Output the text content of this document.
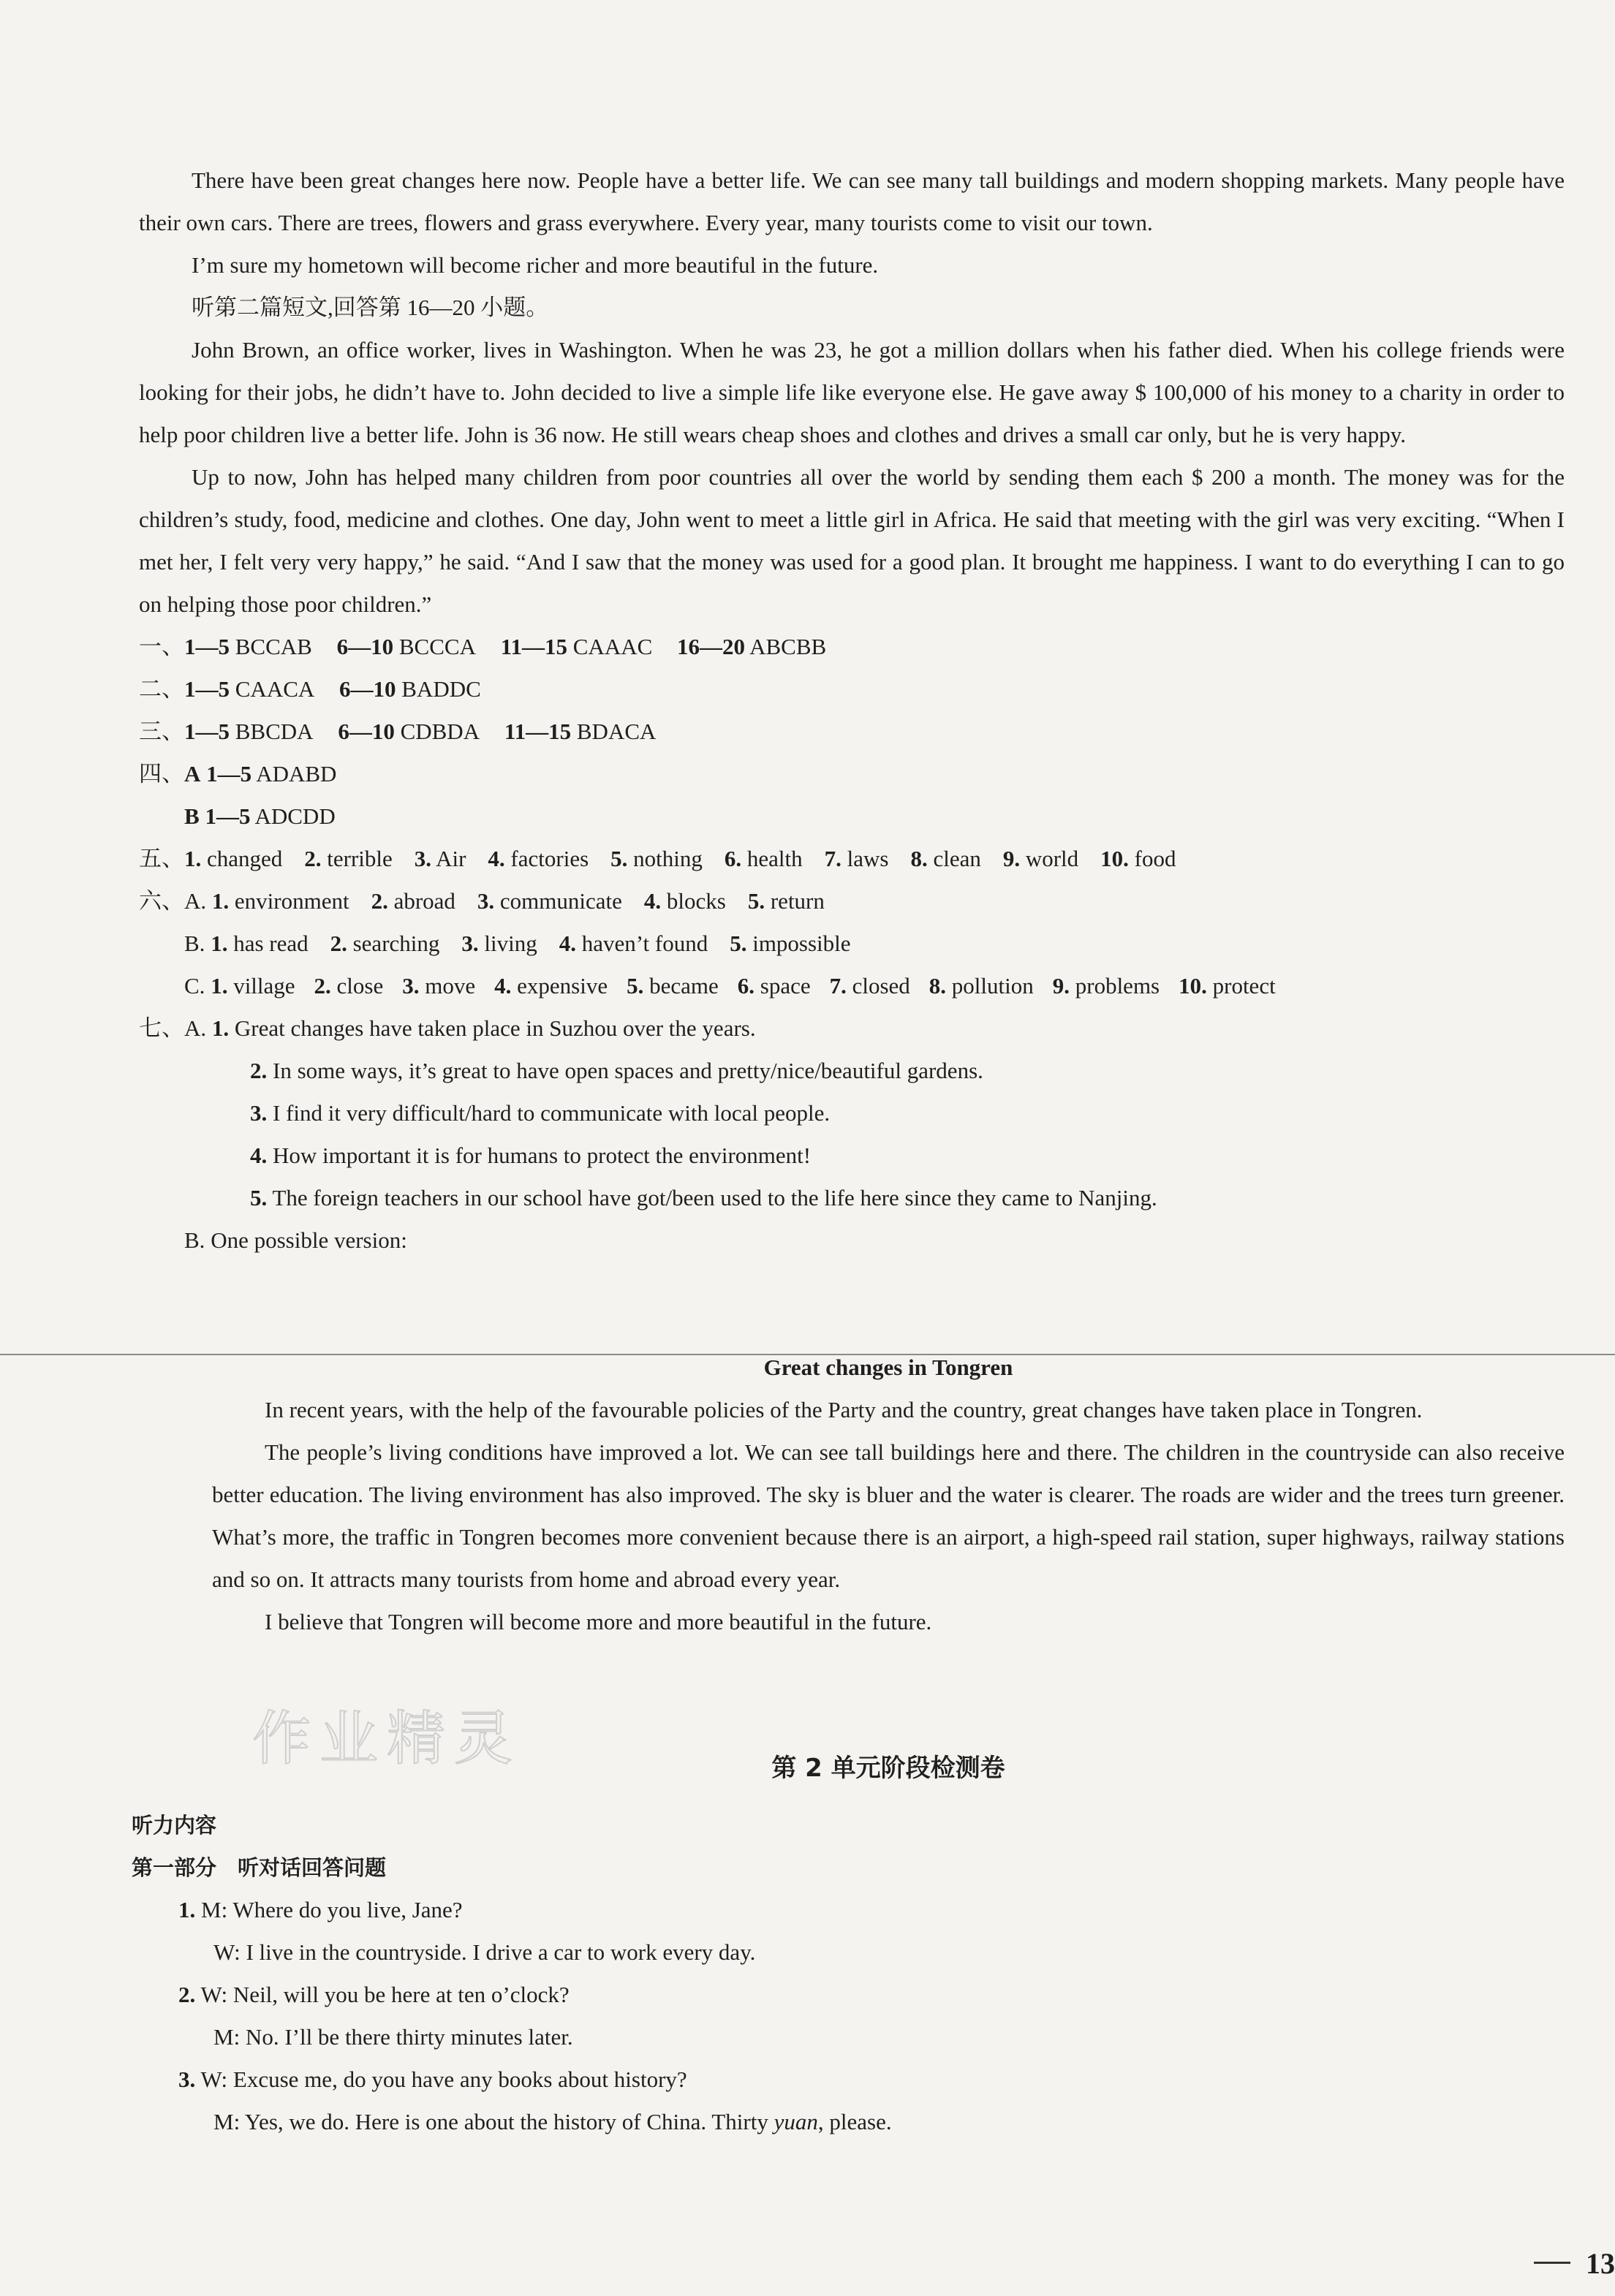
There have been great changes here now. People have a better life. We can see many tall buildings and modern shopping markets. Many people have their own cars. There are trees, flowers and grass everywhere. Every year, many tourists come to visit our town.

I’m sure my hometown will become richer and more beautiful in the future.

听第二篇短文,回答第 16—20 小题。

John Brown, an office worker, lives in Washington. When he was 23, he got a million dollars when his father died. When his college friends were looking for their jobs, he didn’t have to. John decided to live a simple life like everyone else. He gave away $ 100,000 of his money to a charity in order to help poor children live a better life. John is 36 now. He still wears cheap shoes and clothes and drives a small car only, but he is very happy.

Up to now, John has helped many children from poor countries all over the world by sending them each $ 200 a month. The money was for the children’s study, food, medicine and clothes. One day, John went to meet a little girl in Africa. He said that meeting with the girl was very exciting. “When I met her, I felt very very happy,” he said. “And I saw that the money was used for a good plan. It brought me happiness. I want to do everything I can to go on helping those poor children.”

一、1—5 BCCAB 6—10 BCCCA 11—15 CAAAC 16—20 ABCBB

二、1—5 CAACA 6—10 BADDC

三、1—5 BBCDA 6—10 CDBDA 11—15 BDACA

四、A 1—5 ADABD

B 1—5 ADCDD

五、1. changed 2. terrible 3. Air 4. factories 5. nothing 6. health 7. laws 8. clean 9. world 10. food

六、A. 1. environment 2. abroad 3. communicate 4. blocks 5. return

B. 1. has read 2. searching 3. living 4. haven’t found 5. impossible

C. 1. village 2. close 3. move 4. expensive 5. became 6. space 7. closed 8. pollution 9. problems 10. protect

七、A. 1. Great changes have taken place in Suzhou over the years.

2. In some ways, it’s great to have open spaces and pretty/nice/beautiful gardens.

3. I find it very difficult/hard to communicate with local people.

4. How important it is for humans to protect the environment!

5. The foreign teachers in our school have got/been used to the life here since they came to Nanjing.

B. One possible version:

Great changes in Tongren

In recent years, with the help of the favourable policies of the Party and the country, great changes have taken place in Tongren.

The people’s living conditions have improved a lot. We can see tall buildings here and there. The children in the countryside can also receive better education. The living environment has also improved. The sky is bluer and the water is clearer. The roads are wider and the trees turn greener. What’s more, the traffic in Tongren becomes more convenient because there is an airport, a high-speed rail station, super highways, railway stations and so on. It attracts many tourists from home and abroad every year.

I believe that Tongren will become more and more beautiful in the future.

作业精灵	第 2 单元阶段检测卷

听力内容

第一部分　听对话回答问题

1. M: Where do you live, Jane?

W: I live in the countryside. I drive a car to work every day.

2. W: Neil, will you be here at ten o’clock?

M: No. I’ll be there thirty minutes later.

3. W: Excuse me, do you have any books about history?

M: Yes, we do. Here is one about the history of China. Thirty yuan, please.

13
